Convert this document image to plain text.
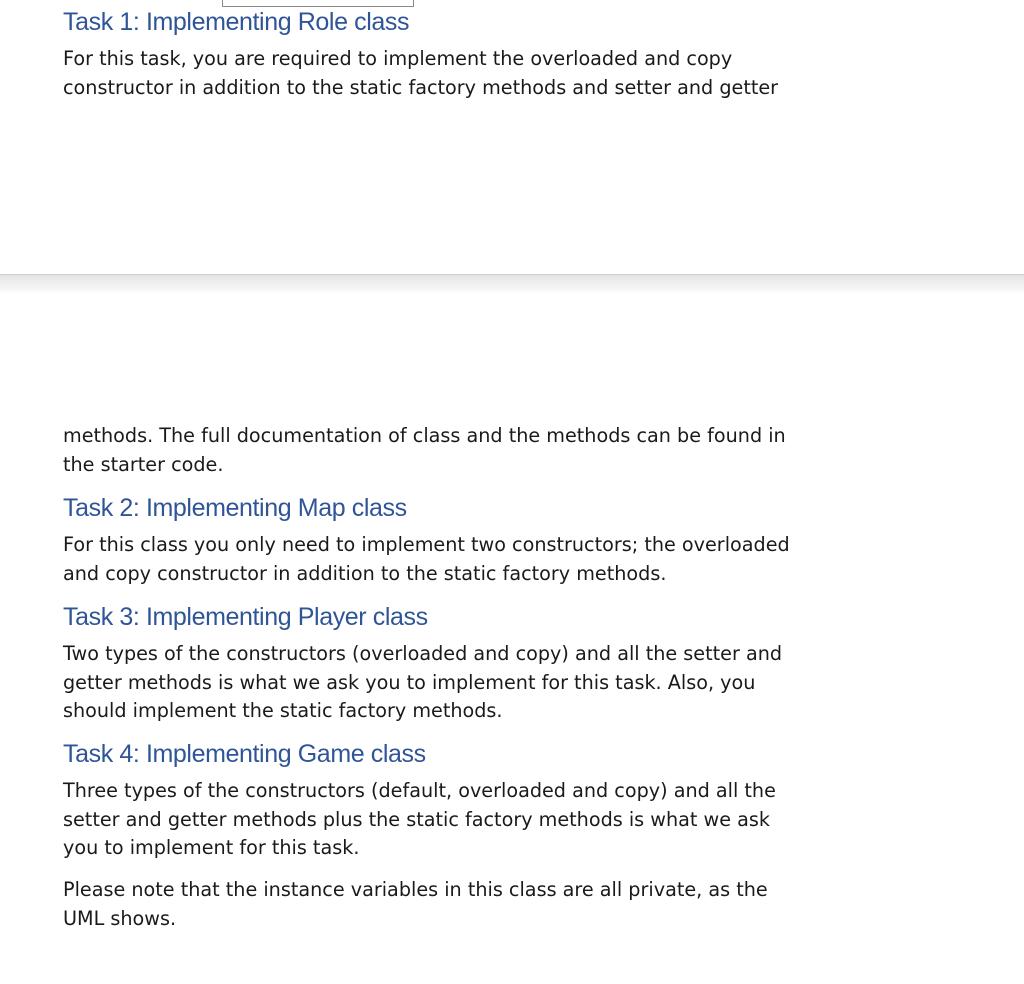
Task 1: Implementing Role class

For this task, you are required to implement the overloaded and copy
constructor in addition to the static factory methods and setter and getter

methods. The full documentation of class and the methods can be found in
the starter code.

Task 2: Implementing Map class

For this class you only need to implement two constructors; the overloaded
and copy constructor in addition to the static factory methods.

Task 3: Implementing Player class

Two types of the constructors (overloaded and copy) and all the setter and
getter methods is what we ask you to implement for this task. Also, you
should implement the static factory methods.

Task 4: Implementing Game class

Three types of the constructors (default, overloaded and copy) and all the
setter and getter methods plus the static factory methods is what we ask
you to implement for this task.

Please note that the instance variables in this class are all private, as the
UML shows.
